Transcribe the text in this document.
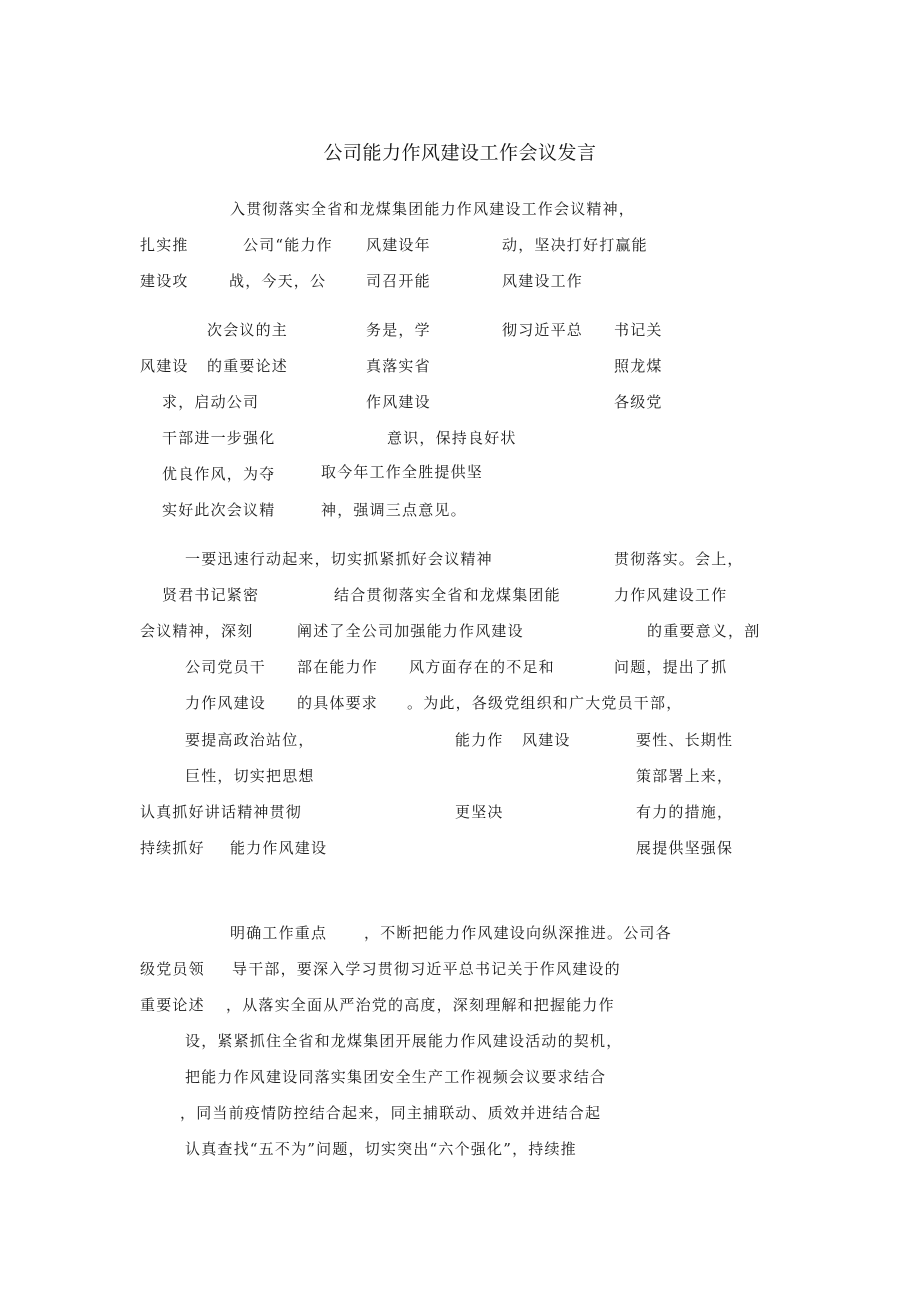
公司能力作风建设工作会议发言
入贯彻落实全省和龙煤集团能力作风建设工作会议精神，
扎实推	公司“能力作 风建设年	动，坚决打好打赢能
建设攻	战，今天，公	司召开能	风建设工作
次会议的主	务是，学	彻习近平总 书记关
风建设 的重要论述	真落实省	照龙煤
求，启动公司	作风建设	各级党
干部进一步强化	意识，保持良好状
优良作风，为夺	取今年工作全胜提供坚
实好此次会议精	神，强调三点意见。
一要迅速行动起来，切实抓紧抓好会议精神	贯彻落实。会上，
贤君书记紧密	结合贯彻落实全省和龙煤集团能	力作风建设工作
会议精神，深刻	阐述了全公司加强能力作风建设	的重要意义，剖
公司党员干 部在能力作 风方面存在的不足和	问题，提出了抓
力作风建设 的具体要求 。为此，各级党组织和广大党员干部，
要提高政治站位，	能力作 风建设	要性、长期性
巨性，切实把思想	策部署上来，
认真抓好讲话精神贯彻	更坚决	有力的措施，
持续抓好 能力作风建设	展提供坚强保
明确工作重点 ，不断把能力作风建设向纵深推进。公司各
级党员领 导干部，要深入学习贯彻习近平总书记关于作风建设的
重要论述 ，从落实全面从严治党的高度，深刻理解和把握能力作
设，紧紧抓住全省和龙煤集团开展能力作风建设活动的契机，
把能力作风建设同落实集团安全生产工作视频会议要求结合
，同当前疫情防控结合起来，同主捕联动、质效并进结合起
认真查找“五不为”问题，切实突出“六个强化”，持续推
